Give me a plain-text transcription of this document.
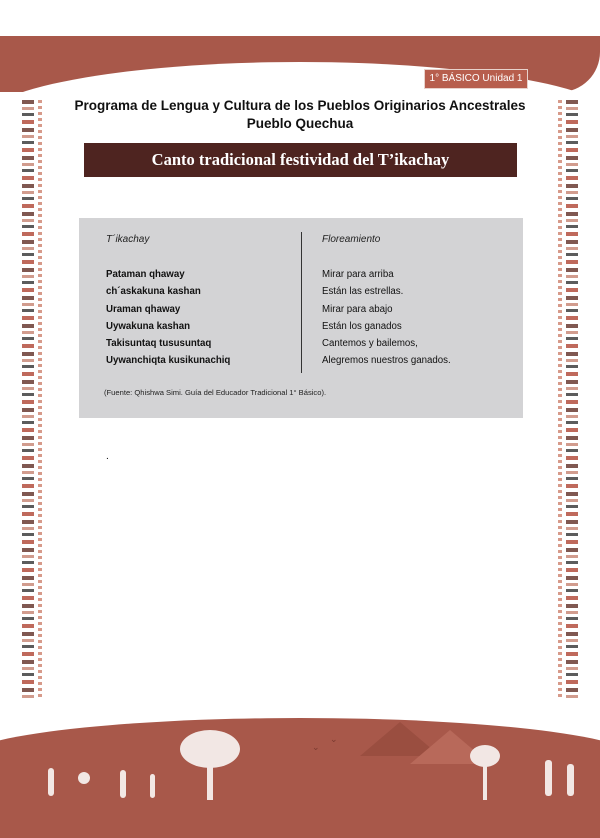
1° BÁSICO Unidad 1
Programa de Lengua y Cultura de los Pueblos Originarios Ancestrales
Pueblo Quechua
Canto tradicional festividad del T’ikachay
T´ikachay	Floreamiento
Pataman qhaway
ch´askakuna kashan
Uraman qhaway
Uywakuna kashan
Takisuntaq tususuntaq
Uywanchiqta kusikunachiq
Mirar para arriba
Están las estrellas.
Mirar para abajo
Están los ganados
Cantemos y bailemos,
Alegremos nuestros ganados.
(Fuente: Qhishwa Simi. Guía del Educador Tradicional 1° Básico).
.
⌄
⌄
